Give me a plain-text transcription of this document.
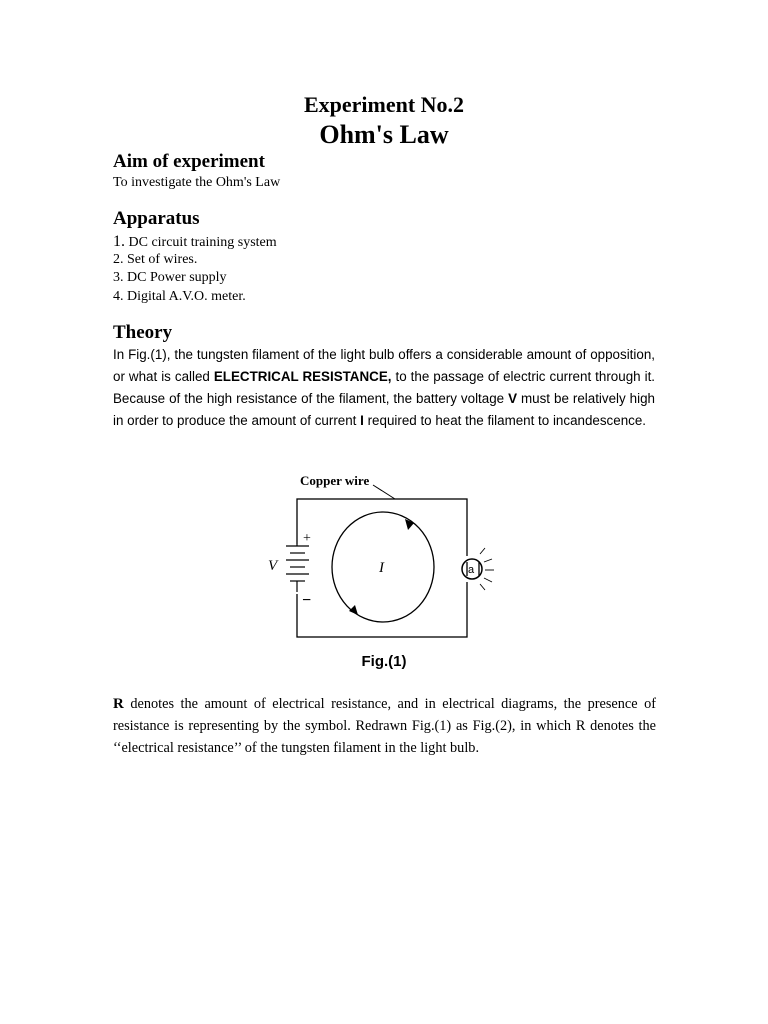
Experiment No.2
Ohm's Law
Aim of experiment
To investigate the Ohm's Law
Apparatus
1. DC circuit training system
2. Set of wires.
3. DC Power supply
4. Digital A.V.O. meter.
Theory
In Fig.(1), the tungsten filament of the light bulb offers a considerable amount of opposition, or what is called ELECTRICAL RESISTANCE, to the passage of electric current through it. Because of the high resistance of the filament, the battery voltage V must be relatively high in order to produce the amount of current I required to heat the filament to incandescence.
Copper wire
+
−
V	I	a
Fig.(1)
R denotes the amount of electrical resistance, and in electrical diagrams, the presence of resistance is representing by the symbol. Redrawn Fig.(1) as Fig.(2), in which R denotes the ‘‘electrical resistance’’ of the tungsten filament in the light bulb.
